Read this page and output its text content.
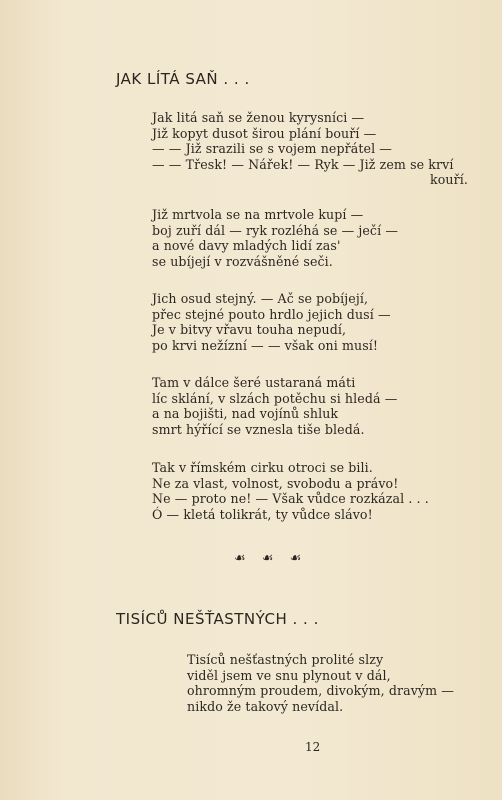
JAK LÍTÁ SAŇ . . .
Jak litá saň se ženou kyrysníci —
Již kopyt dusot širou plání bouří —
— — Již srazili se s vojem nepřátel —
— — Třesk! — Nářek! — Ryk — Již zem se krví
kouří.
Již mrtvola se na mrtvole kupí —
boj zuří dál — ryk rozléhá se — ječí —
a nové davy mladých lidí zas'
se ubíjejí v rozvášněné seči.
Jich osud stejný. — Ač se pobíjejí,
přec stejné pouto hrdlo jejich dusí —
Je v bitvy vřavu touha nepudí,
po krvi nežízní — — však oni musí!
Tam v dálce šeré ustaraná máti
líc sklání, v slzách potěchu si hledá —
a na bojišti, nad vojínů shluk
smrt hýřící se vznesla tiše bledá.
Tak v římském cirku otroci se bili.
Ne za vlast, volnost, svobodu a právo!
Ne — proto ne! — Však vůdce rozkázal . . .
Ó — kletá tolikrát, ty vůdce slávo!
☙ ☙ ☙
TISÍCŮ NEŠŤASTNÝCH . . .
Tisíců nešťastných prolité slzy
viděl jsem ve snu plynout v dál,
ohromným proudem, divokým, dravým —
nikdo že takový nevídal.
12
